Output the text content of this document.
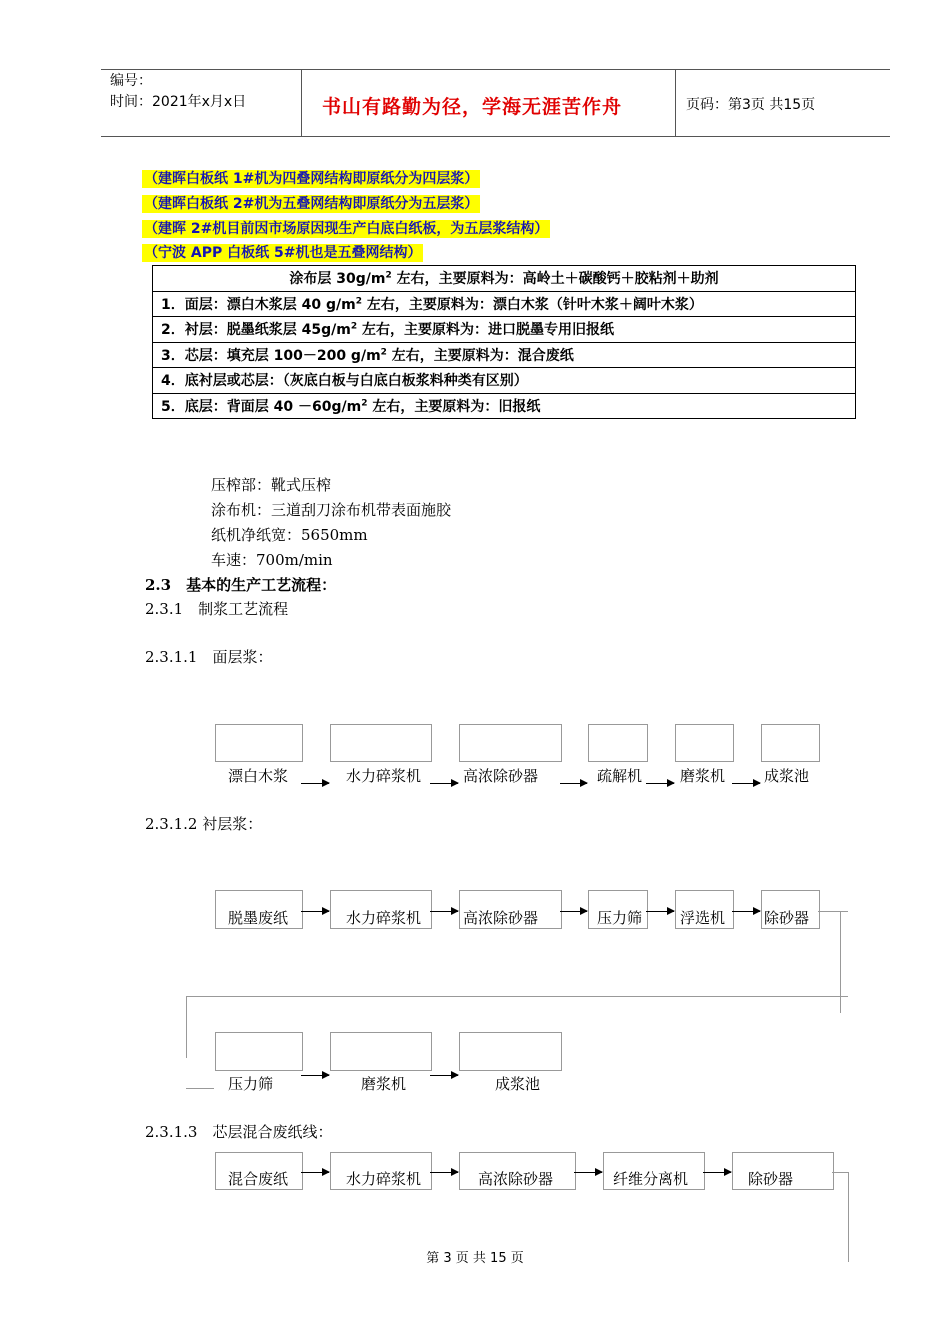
编号：
时间：2021年x月x日	书山有路勤为径，学海无涯苦作舟	页码：第3页 共15页
（建晖白板纸 1#机为四叠网结构即原纸分为四层浆）
（建晖白板纸 2#机为五叠网结构即原纸分为五层浆）
（建晖 2#机目前因市场原因现生产白底白纸板，为五层浆结构）
（宁波 APP 白板纸 5#机也是五叠网结构）
涂布层 $30g/m^2$ 左右，主要原料为：高岭土＋碳酸钙＋胶粘剂＋助剂
1．面层：漂白木浆层 40 $g/m^2$ 左右，主要原料为：漂白木浆（针叶木浆＋阔叶木浆）
2．衬层：脱墨纸浆层 $45g/m^2$ 左右，主要原料为：进口脱墨专用旧报纸
3．芯层：填充层 100－200 $g/m^2$ 左右，主要原料为：混合废纸
4．底衬层或芯层：（灰底白板与白底白板浆料种类有区别）
5．底层：背面层 $40 -60g/m^2$ 左右，主要原料为：旧报纸
压榨部：靴式压榨
涂布机：三道刮刀涂布机带表面施胶
纸机净纸宽：5650mm
车速：700m/min
2.3　基本的生产工艺流程：
2.3.1　制浆工艺流程
2.3.1.1　面层浆：
2.3.1.2 衬层浆：
2.3.1.3　芯层混合废纸线：
漂白木浆	水力碎浆机	高浓除砂器	疏解机	磨浆机	成浆池
脱墨废纸	水力碎浆机	高浓除砂器	压力筛	浮选机	除砂器
压力筛	磨浆机	成浆池
混合废纸	水力碎浆机	高浓除砂器	纤维分离机	除砂器
第 3 页 共 15 页
